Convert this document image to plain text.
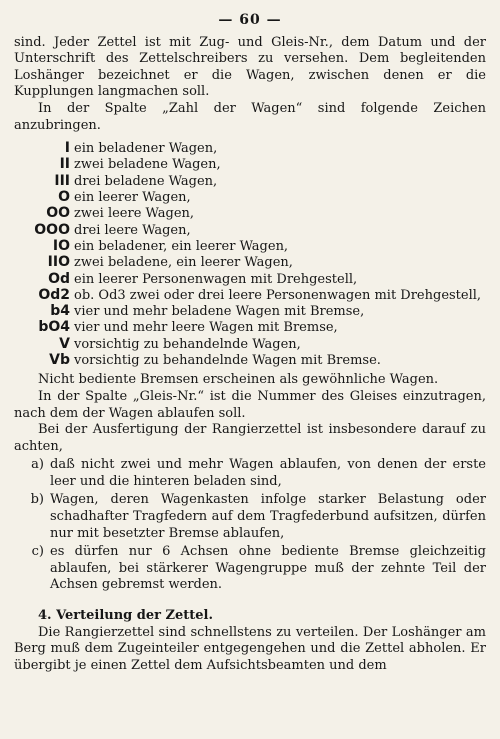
— 60 —

sind. Jeder Zettel ist mit Zug- und Gleis-Nr., dem Datum und der Unterschrift des Zettelschreibers zu versehen. Dem begleitenden Loshänger bezeichnet er die Wagen, zwischen denen er die Kupplungen langmachen soll.

In der Spalte „Zahl der Wagen“ sind folgende Zeichen anzubringen.

I ein beladener Wagen,
II zwei beladene Wagen,
III drei beladene Wagen,
O ein leerer Wagen,
OO zwei leere Wagen,
OOO drei leere Wagen,
IO ein beladener, ein leerer Wagen,
IIO zwei beladene, ein leerer Wagen,
Od ein leerer Personenwagen mit Drehgestell,
Od2 ob. Od3 zwei oder drei leere Personenwagen mit Drehgestell,
b4 vier und mehr beladene Wagen mit Bremse,
bO4 vier und mehr leere Wagen mit Bremse,
V vorsichtig zu behandelnde Wagen,
Vb vorsichtig zu behandelnde Wagen mit Bremse.

Nicht bediente Bremsen erscheinen als gewöhnliche Wagen.

In der Spalte „Gleis-Nr.“ ist die Nummer des Gleises einzutragen, nach dem der Wagen ablaufen soll.

Bei der Ausfertigung der Rangierzettel ist insbesondere darauf zu achten,

a) daß nicht zwei und mehr Wagen ablaufen, von denen der erste leer und die hinteren beladen sind,
b) Wagen, deren Wagenkasten infolge starker Belastung oder schadhafter Tragfedern auf dem Tragfederbund aufsitzen, dürfen nur mit besetzter Bremse ablaufen,
c) es dürfen nur 6 Achsen ohne bediente Bremse gleichzeitig ablaufen, bei stärkerer Wagengruppe muß der zehnte Teil der Achsen gebremst werden.

4. Verteilung der Zettel.

Die Rangierzettel sind schnellstens zu verteilen. Der Loshänger am Berg muß dem Zugeinteiler entgegengehen und die Zettel abholen. Er übergibt je einen Zettel dem Aufsichtsbeamten und dem
